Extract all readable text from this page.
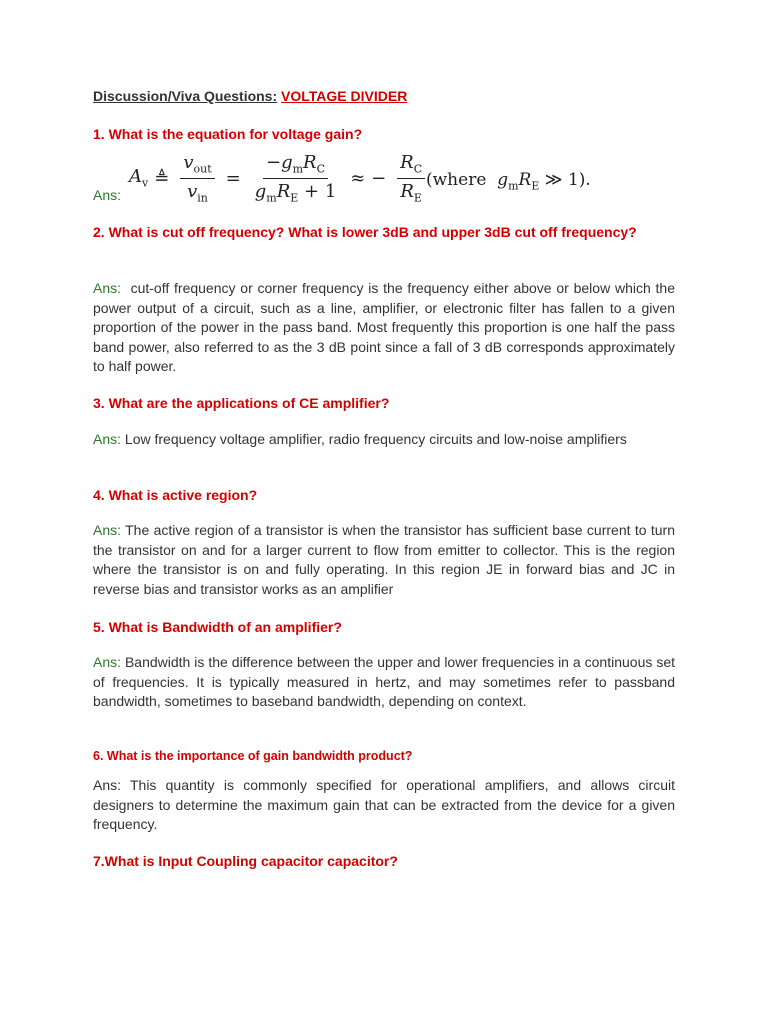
Discussion/Viva Questions: VOLTAGE DIVIDER
1. What is the equation for voltage gain?
Ans:
$A_v$ ≜ $\frac{v_{out}}{v_{in}} = \frac{-g_mR_C}{g_mR_E + 1}$ ≈ − $\frac{R_C}{R_E}$ (where $g_mR_E$ ≫ 1).
2. What is cut off frequency? What is lower 3dB and upper 3dB cut off frequency?
Ans: cut-off frequency or corner frequency is the frequency either above or below which the power output of a circuit, such as a line, amplifier, or electronic filter has fallen to a given proportion of the power in the pass band. Most frequently this proportion is one half the pass band power, also referred to as the 3 dB point since a fall of 3 dB corresponds approximately to half power.
3. What are the applications of CE amplifier?
Ans: Low frequency voltage amplifier, radio frequency circuits and low-noise amplifiers
4. What is active region?
Ans: The active region of a transistor is when the transistor has sufficient base current to turn the transistor on and for a larger current to flow from emitter to collector. This is the region where the transistor is on and fully operating. In this region JE in forward bias and JC in reverse bias and transistor works as an amplifier
5. What is Bandwidth of an amplifier?
Ans: Bandwidth is the difference between the upper and lower frequencies in a continuous set of frequencies. It is typically measured in hertz, and may sometimes refer to passband bandwidth, sometimes to baseband bandwidth, depending on context.
6. What is the importance of gain bandwidth product?
Ans: This quantity is commonly specified for operational amplifiers, and allows circuit designers to determine the maximum gain that can be extracted from the device for a given frequency.
7.What is Input Coupling capacitor capacitor?
